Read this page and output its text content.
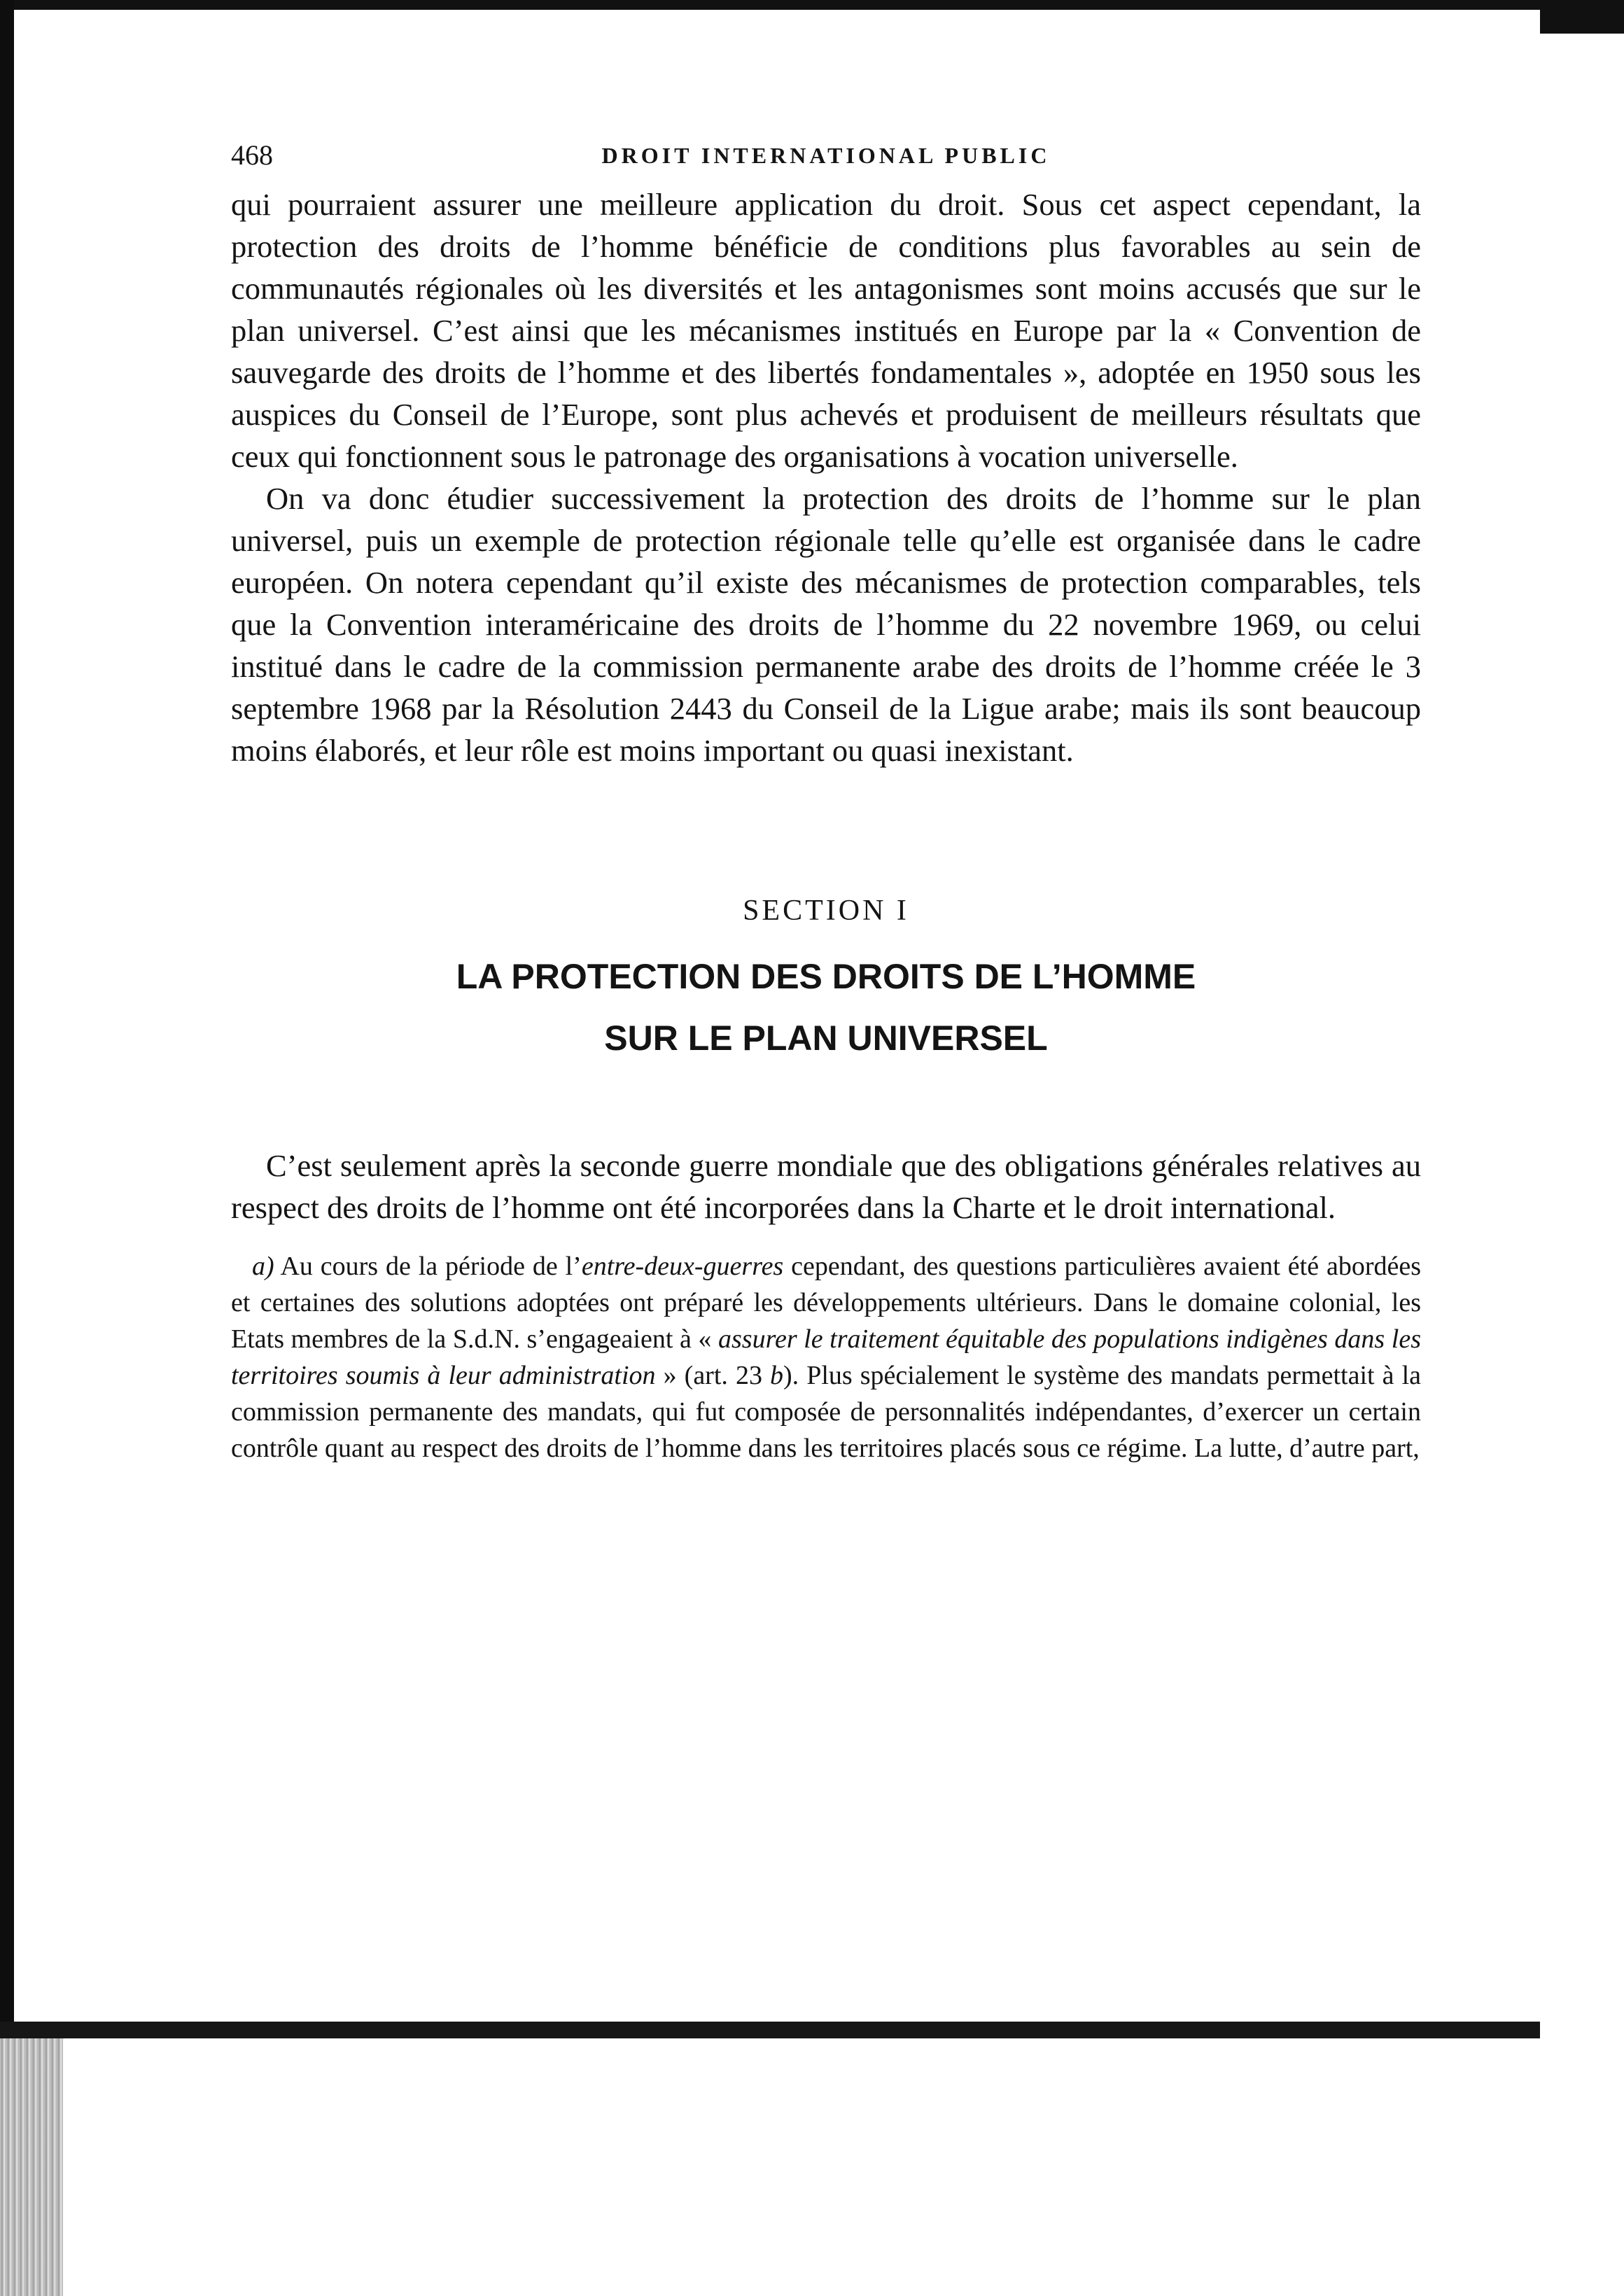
468	DROIT INTERNATIONAL PUBLIC

qui pourraient assurer une meilleure application du droit. Sous cet aspect cependant, la protection des droits de l’homme bénéficie de conditions plus favorables au sein de communautés régionales où les diversités et les antagonismes sont moins accusés que sur le plan universel. C’est ainsi que les mécanismes institués en Europe par la « Convention de sauvegarde des droits de l’homme et des libertés fondamentales », adoptée en 1950 sous les auspices du Conseil de l’Europe, sont plus achevés et produisent de meilleurs résultats que ceux qui fonctionnent sous le patronage des organisations à vocation universelle.

On va donc étudier successivement la protection des droits de l’homme sur le plan universel, puis un exemple de protection régionale telle qu’elle est organisée dans le cadre européen. On notera cependant qu’il existe des mécanismes de protection comparables, tels que la Convention interaméricaine des droits de l’homme du 22 novembre 1969, ou celui institué dans le cadre de la commission permanente arabe des droits de l’homme créée le 3 septembre 1968 par la Résolution 2443 du Conseil de la Ligue arabe; mais ils sont beaucoup moins élaborés, et leur rôle est moins important ou quasi inexistant.

SECTION I
LA PROTECTION DES DROITS DE L’HOMME
SUR LE PLAN UNIVERSEL

C’est seulement après la seconde guerre mondiale que des obligations générales relatives au respect des droits de l’homme ont été incorporées dans la Charte et le droit international.

a) Au cours de la période de l’entre-deux-guerres cependant, des questions particulières avaient été abordées et certaines des solutions adoptées ont préparé les développements ultérieurs. Dans le domaine colonial, les Etats membres de la S.d.N. s’engageaient à « assurer le traitement équitable des populations indigènes dans les territoires soumis à leur administration » (art. 23 b). Plus spécialement le système des mandats permettait à la commission permanente des mandats, qui fut composée de personnalités indépendantes, d’exercer un certain contrôle quant au respect des droits de l’homme dans les territoires placés sous ce régime. La lutte, d’autre part,
